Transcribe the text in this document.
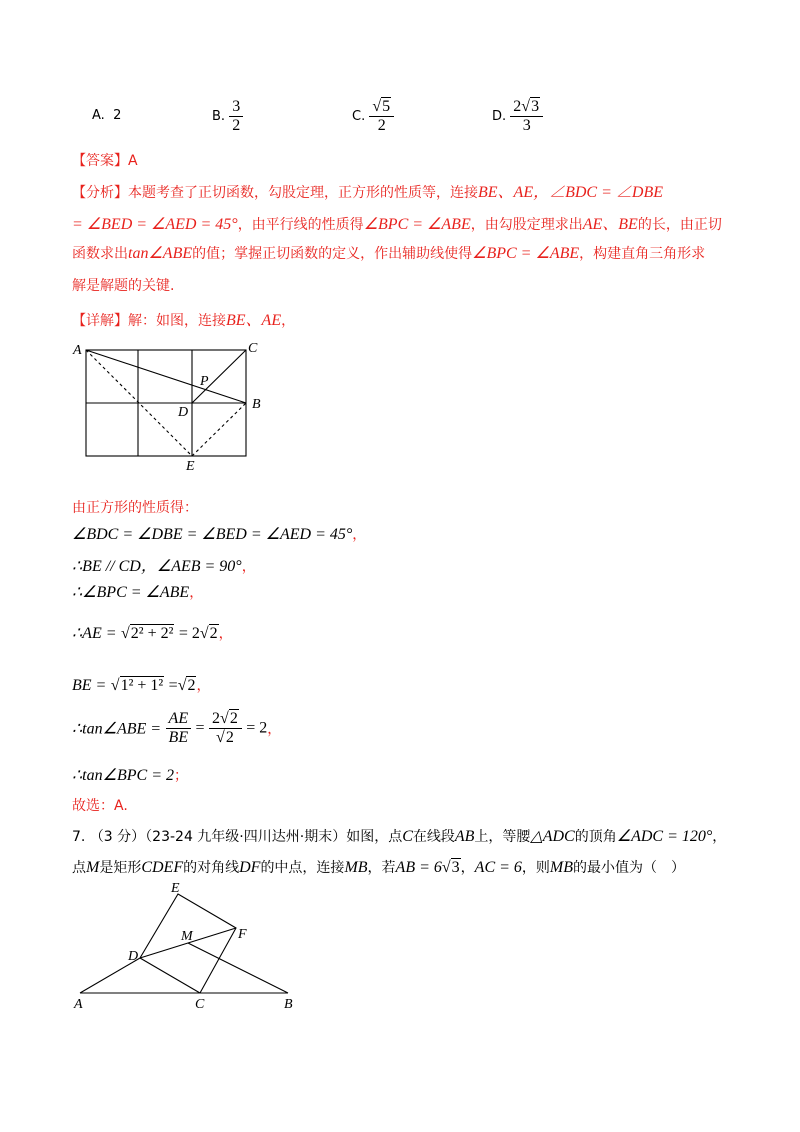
A. 2	B. $\frac{3}{2}$	C. $\frac{√5}{2}$	D. $\frac{2√3}{3}$
【答案】A
【分析】本题考查了正切函数，勾股定理，正方形的性质等，连接BE、AE，∠BDC = ∠DBE
= ∠BED = ∠AED = 45°，由平行线的性质得∠BPC = ∠ABE，由勾股定理求出AE、BE的长，由正切
函数求出tan∠ABE的值；掌握正切函数的定义，作出辅助线使得∠BPC = ∠ABE，构建直角三角形求
解是解题的关键.
【详解】解：如图，连接BE、AE，
A	C
P
D
B
E
由正方形的性质得：
∠BDC = ∠DBE = ∠BED = ∠AED = 45°，
∴BE // CD，∠AEB = 90°，
∴∠BPC = ∠ABE，
∴AE = √2² + 2² = 2√2，
BE = √1² + 1² =√2，
∴tan∠ABE = $\frac{AE}{BE} = \frac{2√2}{√2} = 2$，
∴tan∠BPC = 2；
故选：A.
7. （3 分）（23-24 九年级·四川达州·期末）如图，点C在线段AB上，等腰△ADC的顶角∠ADC = 120°，
点M是矩形CDEF的对角线DF的中点，连接MB，若AB = 6√3，AC = 6，则MB的最小值为（　）
E
M	F
D
A	C	B
